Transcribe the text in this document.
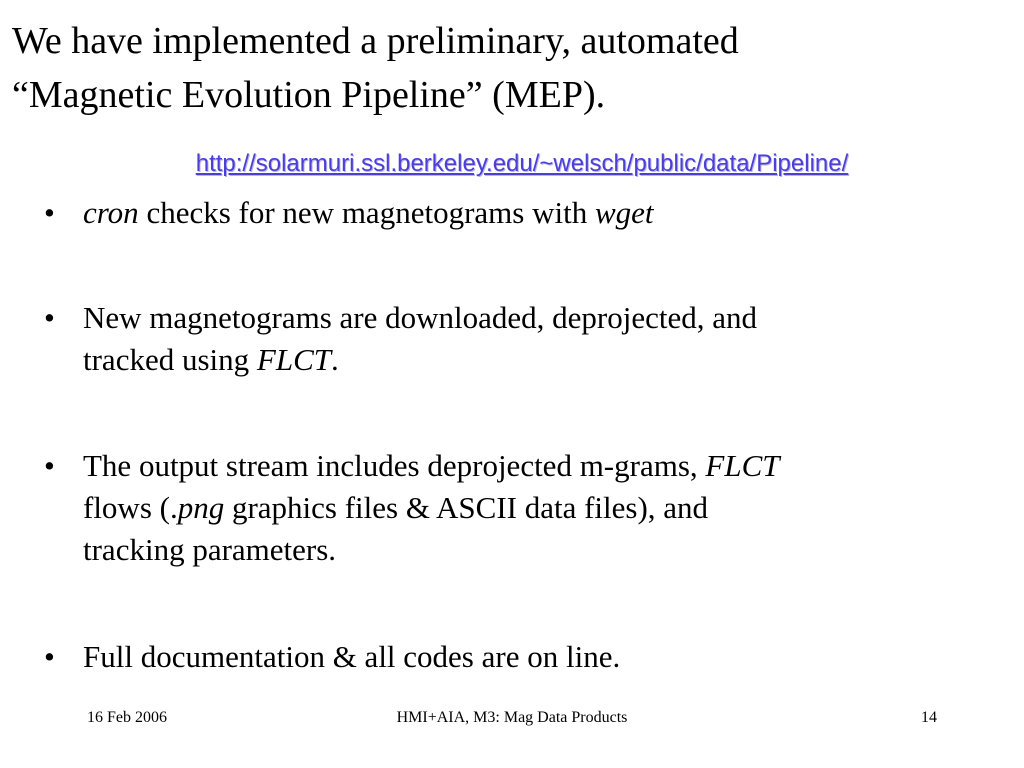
We have implemented a preliminary, automated
“Magnetic Evolution Pipeline” (MEP).
http://solarmuri.ssl.berkeley.edu/~welsch/public/data/Pipeline/
• cron checks for new magnetograms with wget
• New magnetograms are downloaded, deprojected, and
tracked using FLCT.
• The output stream includes deprojected m-grams, FLCT
flows (.png graphics files & ASCII data files), and
tracking parameters.
• Full documentation & all codes are on line.
16 Feb 2006	HMI+AIA, M3: Mag Data Products	14
